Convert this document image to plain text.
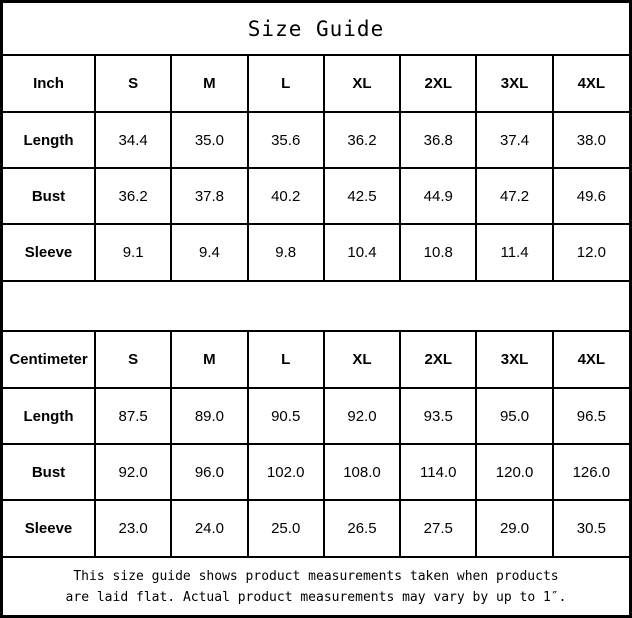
Size Guide
Inch	S	M	L	XL	2XL	3XL	4XL
Length	34.4	35.0	35.6	36.2	36.8	37.4	38.0
Bust	36.2	37.8	40.2	42.5	44.9	47.2	49.6
Sleeve	9.1	9.4	9.8	10.4	10.8	11.4	12.0
Centimeter	S	M	L	XL	2XL	3XL	4XL
Length	87.5	89.0	90.5	92.0	93.5	95.0	96.5
Bust	92.0	96.0	102.0	108.0	114.0	120.0	126.0
Sleeve	23.0	24.0	25.0	26.5	27.5	29.0	30.5
This size guide shows product measurements taken when products
are laid flat. Actual product measurements may vary by up to 1″.
